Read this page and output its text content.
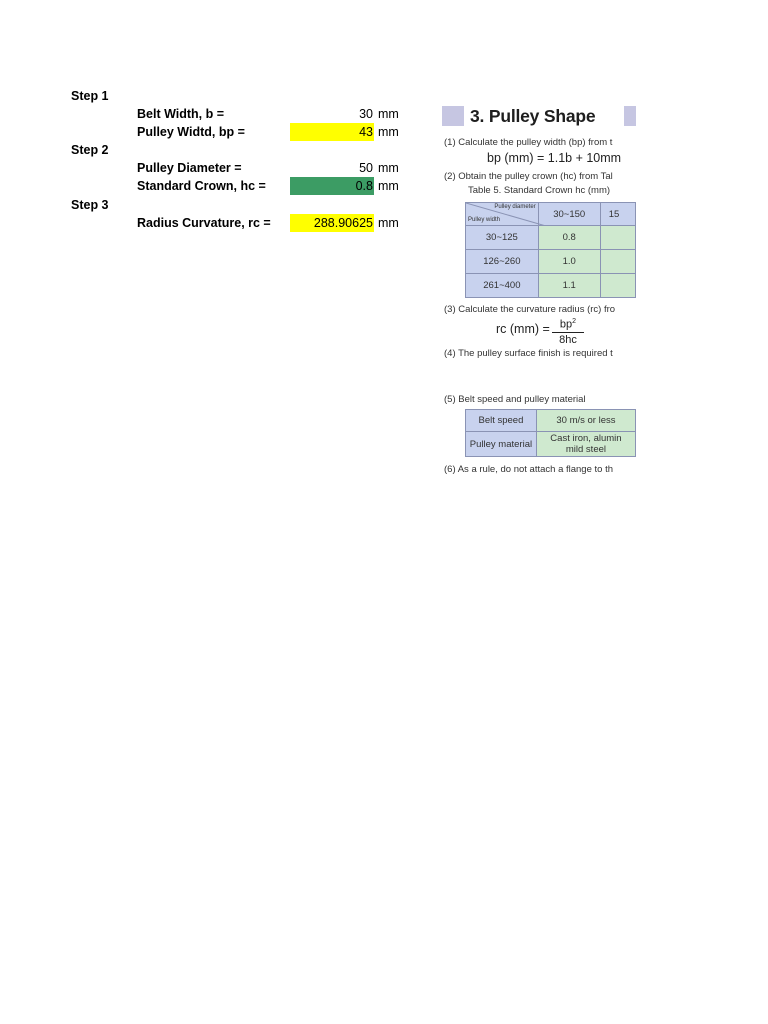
Step 1
Belt Width, b =	30 mm
Pulley Widtd, bp =	43 mm
Step 2
Pulley Diameter =	50 mm
Standard Crown, hc =	0.8 mm
Step 3
Radius Curvature, rc =	288.90625 mm
3. Pulley Shape
(1) Calculate the pulley width (bp) from t
bp (mm) = 1.1b + 10mm
(2) Obtain the pulley crown (hc) from Tal
Table 5. Standard Crown hc (mm)
Pulley diameter
Pulley width	30~150	15
30~125	0.8	
126~260	1.0	
261~400	1.1	
(3) Calculate the curvature radius (rc) fro
rc $(mm) = \frac{bp^2}{8hc}$
(4) The pulley surface finish is required t
(5) Belt speed and pulley material
Belt speed	30 m/s or less
Pulley material	Cast iron, alumin
mild steel
(6) As a rule, do not attach a flange to th
